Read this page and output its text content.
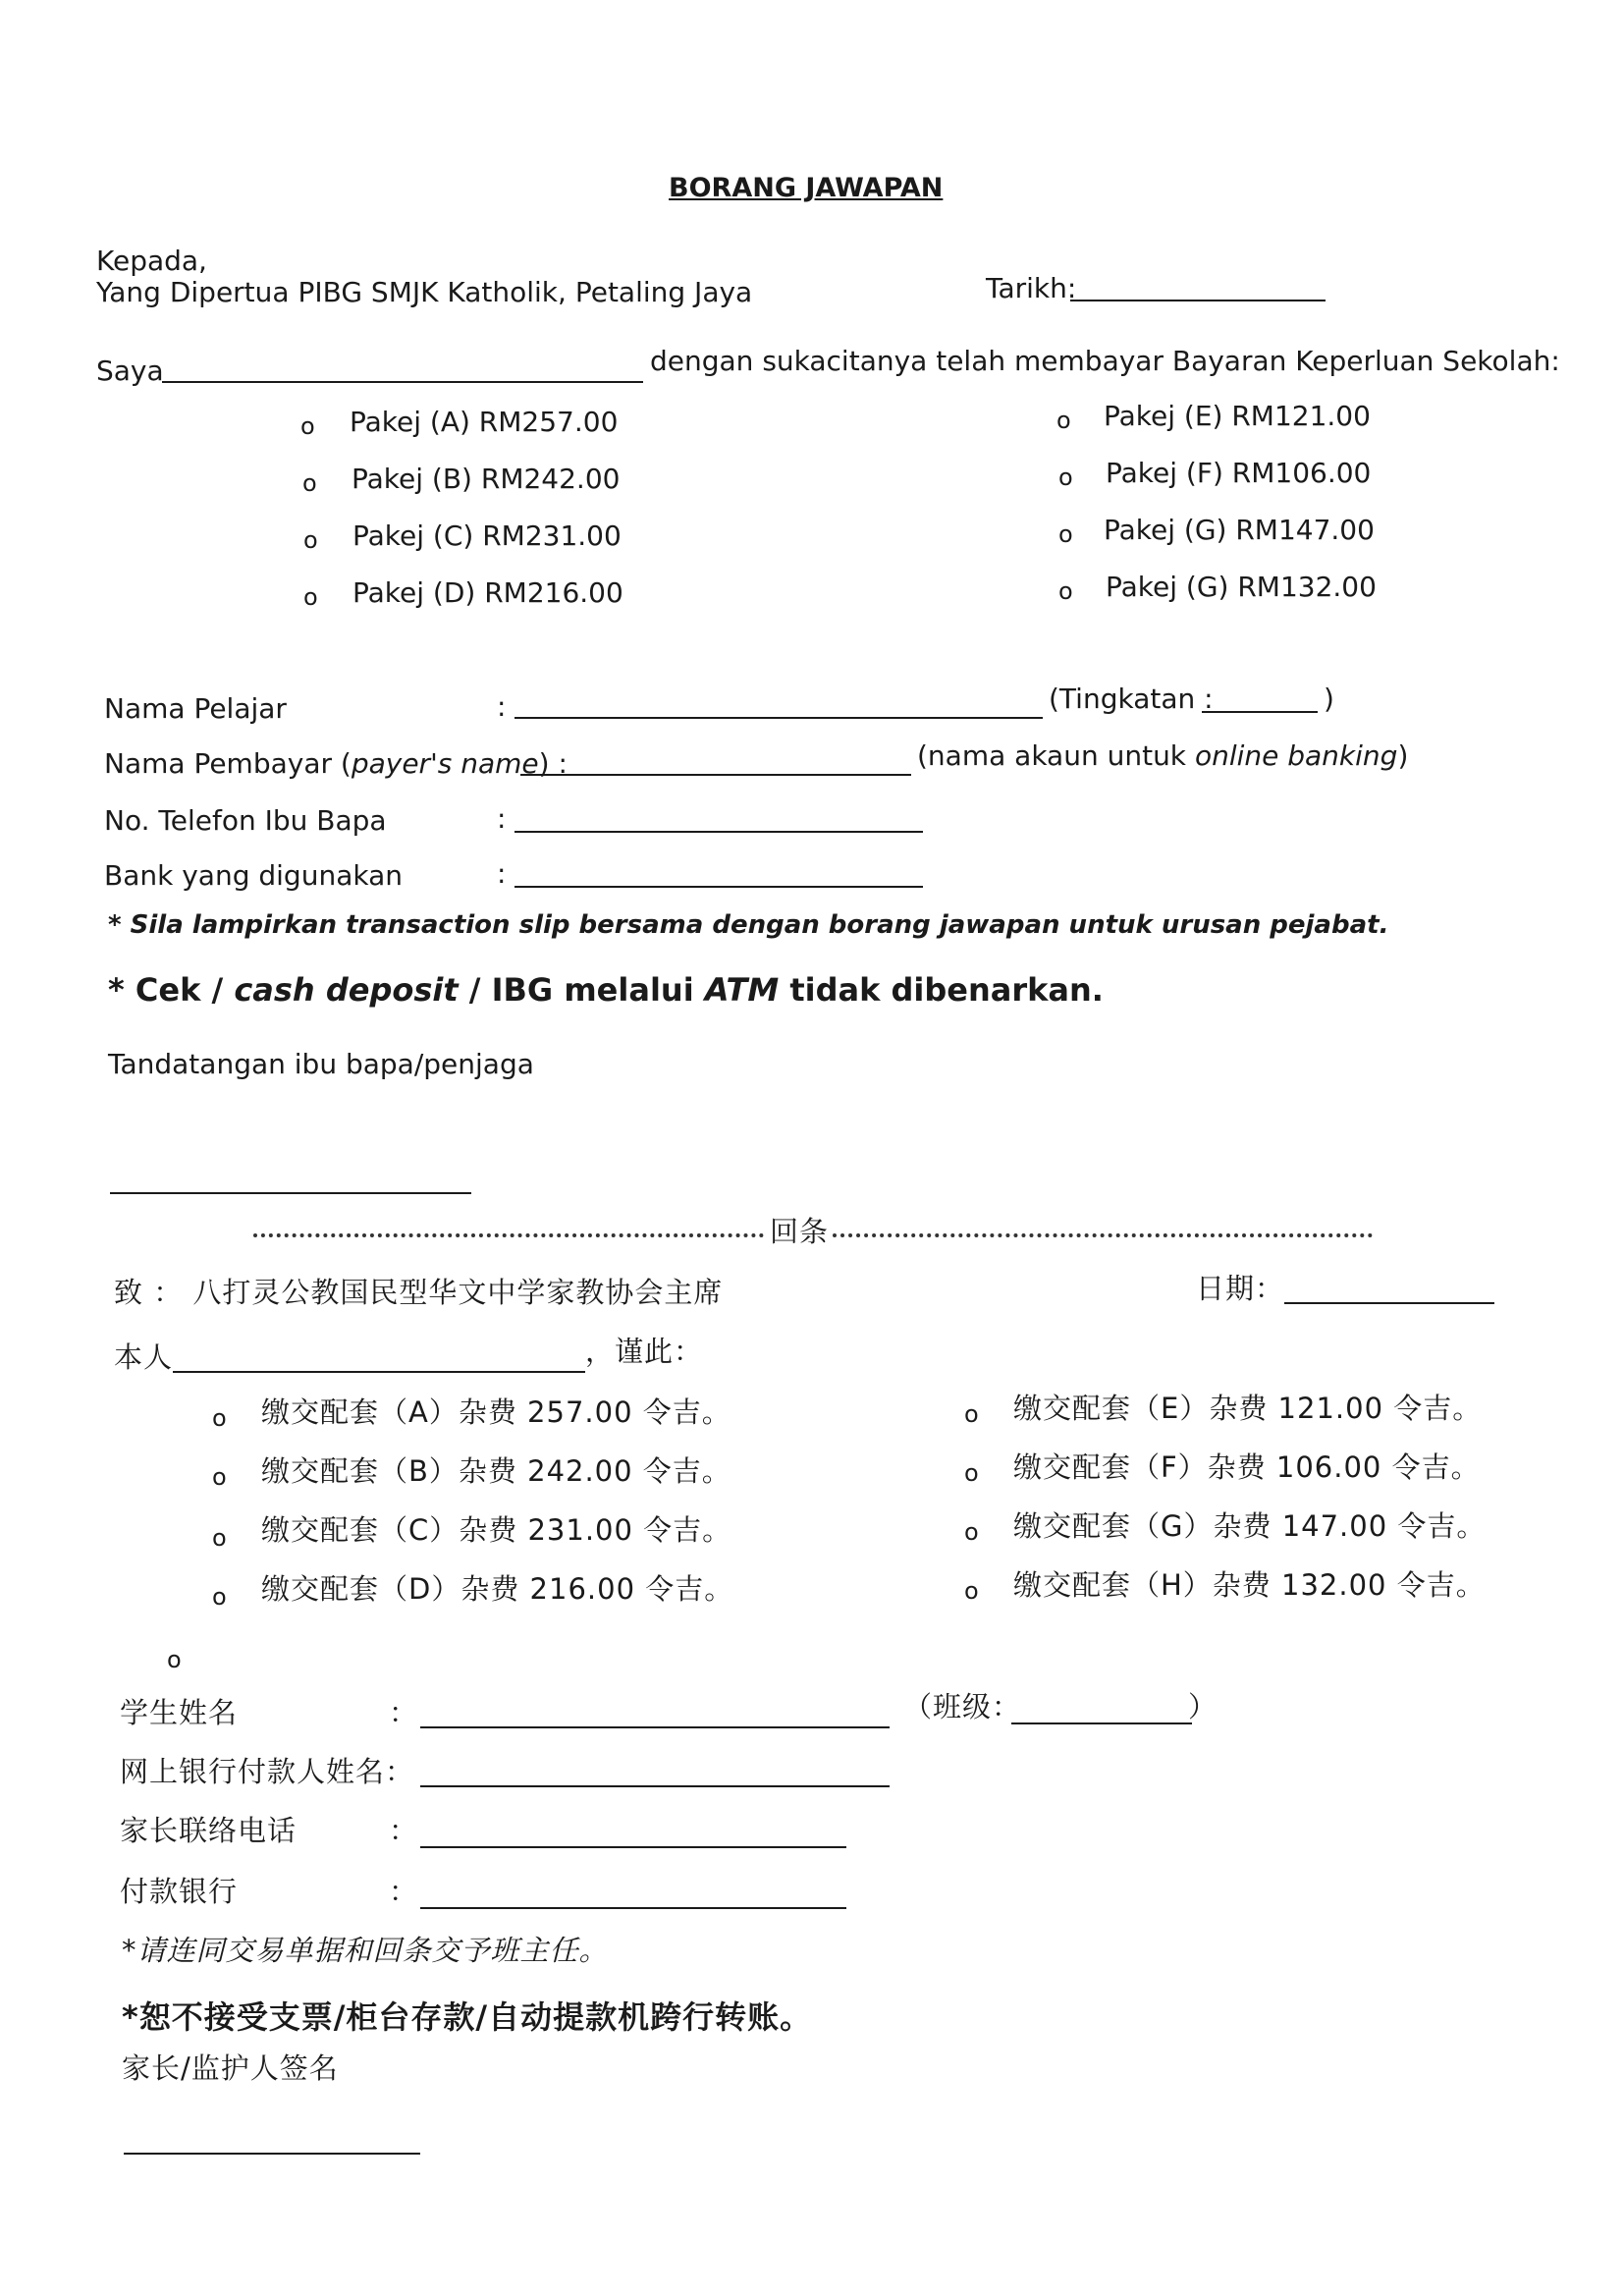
BORANG JAWAPAN
Kepada,
Yang Dipertua PIBG SMJK Katholik, Petaling Jaya	Tarikh:
Saya	dengan sukacitanya telah membayar Bayaran Keperluan Sekolah:
o Pakej (A) RM257.00
o Pakej (B) RM242.00
o Pakej (C) RM231.00
o Pakej (D) RM216.00
o Pakej (E) RM121.00
o Pakej (F) RM106.00
o Pakej (G) RM147.00
o Pakej (G) RM132.00
Nama Pelajar	:	(Tingkatan :	)
Nama Pembayar (payer's name) :	(nama akaun untuk online banking)
No. Telefon Ibu Bapa	:
Bank yang digunakan	:
* Sila lampirkan transaction slip bersama dengan borang jawapan untuk urusan pejabat.
* Cek / cash deposit / IBG melalui ATM tidak dibenarkan.
Tandatangan ibu bapa/penjaga
回条
致 ： 八打灵公教国民型华文中学家教协会主席	日期：
本人	，谨此：
o 缴交配套（A）杂费 257.00 令吉。
o 缴交配套（B）杂费 242.00 令吉。
o 缴交配套（C）杂费 231.00 令吉。
o 缴交配套（D）杂费 216.00 令吉。
o 缴交配套（E）杂费 121.00 令吉。
o 缴交配套（F）杂费 106.00 令吉。
o 缴交配套（G）杂费 147.00 令吉。
o 缴交配套（H）杂费 132.00 令吉。
o
学生姓名	：	（班级：	）
网上银行付款人姓名：
家长联络电话	：
付款银行	：
*请连同交易单据和回条交予班主任。
*恕不接受支票/柜台存款/自动提款机跨行转账。
家长/监护人签名
